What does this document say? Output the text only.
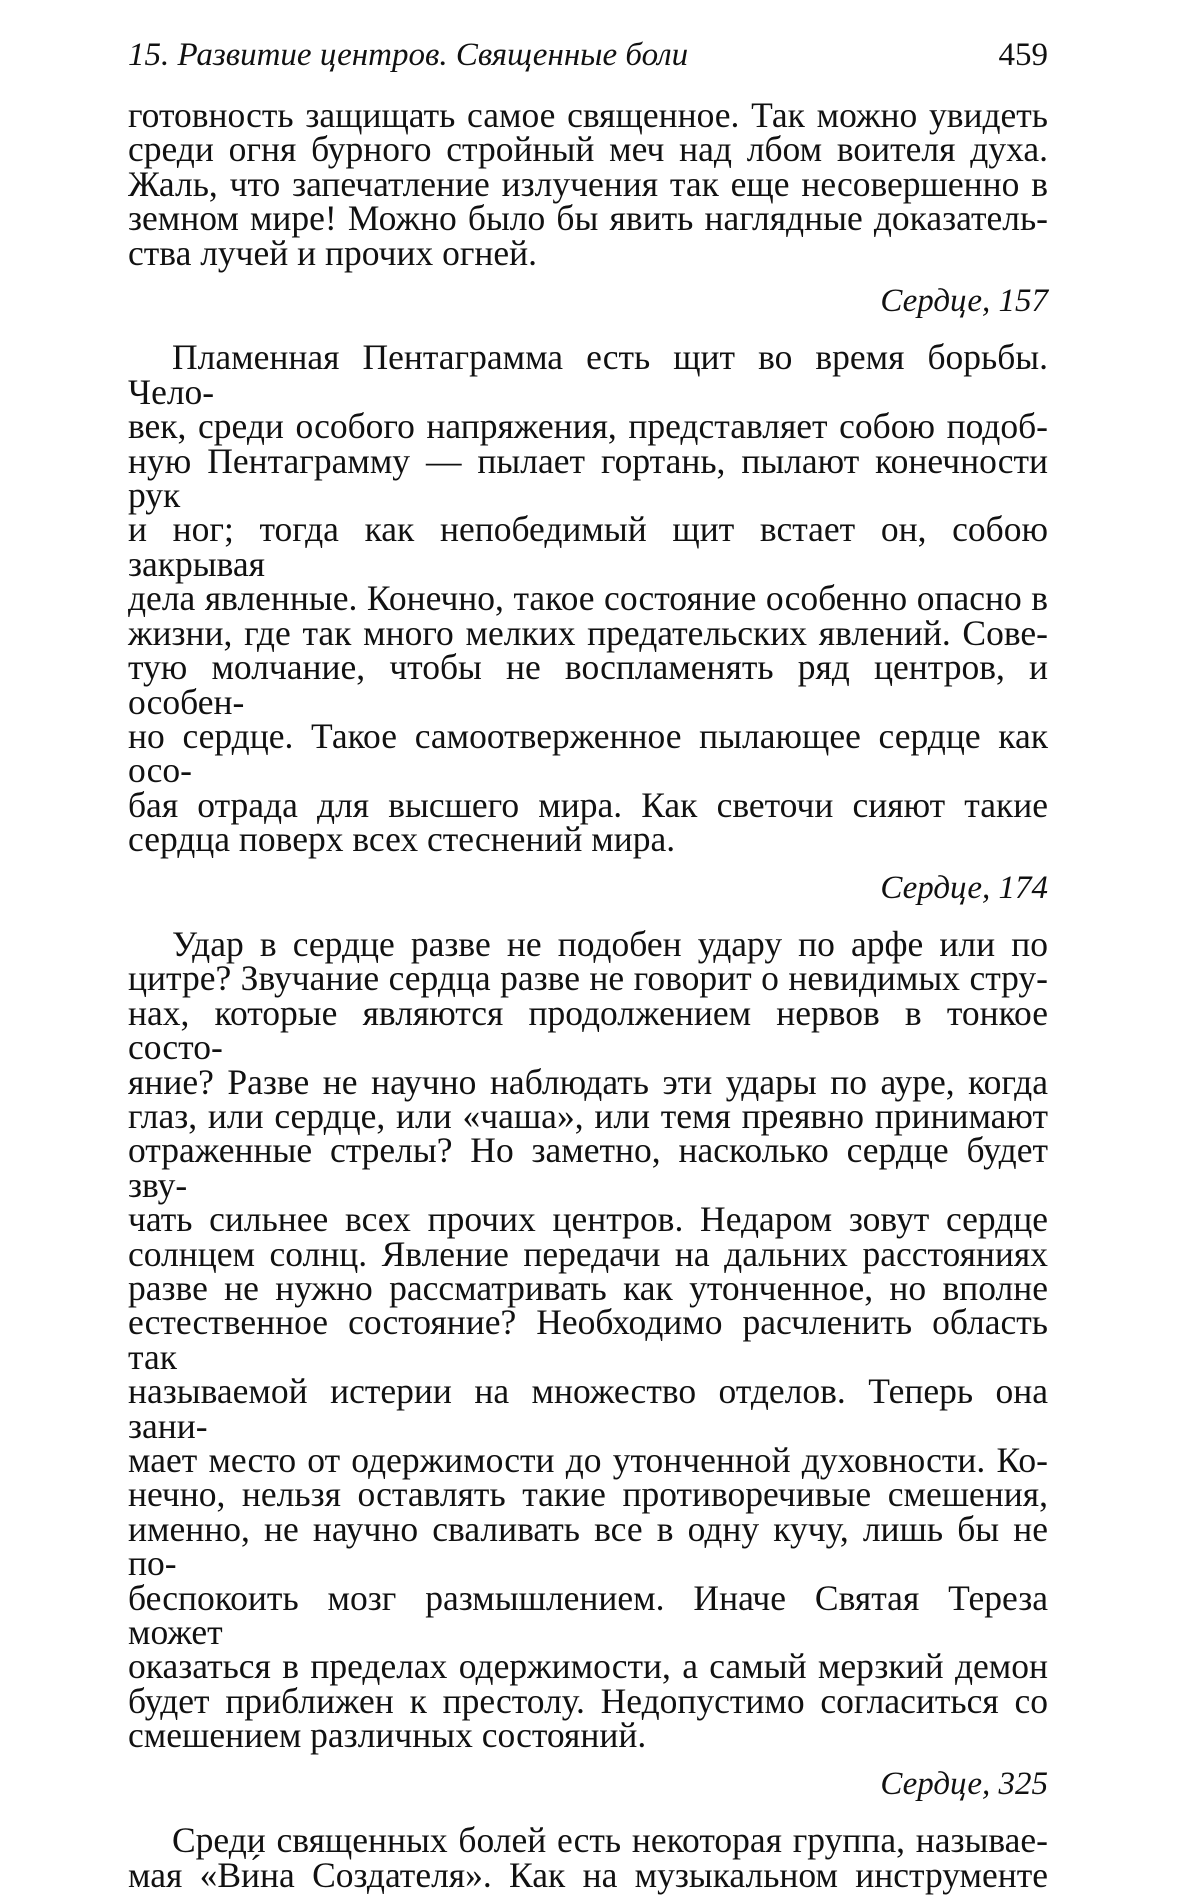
15. Развитие центров. Священные боли	459

готовность защищать самое священное. Так можно увидеть
среди огня бурного стройный меч над лбом воителя духа.
Жаль, что запечатление излучения так еще несовершенно в
земном мире! Можно было бы явить наглядные доказатель-
ства лучей и прочих огней.

Сердце, 157

Пламенная Пентаграмма есть щит во время борьбы. Чело-
век, среди особого напряжения, представляет собою подоб-
ную Пентаграмму — пылает гортань, пылают конечности рук
и ног; тогда как непобедимый щит встает он, собою закрывая
дела явленные. Конечно, такое состояние особенно опасно в
жизни, где так много мелких предательских явлений. Сове-
тую молчание, чтобы не воспламенять ряд центров, и особен-
но сердце. Такое самоотверженное пылающее сердце как осо-
бая отрада для высшего мира. Как светочи сияют такие
сердца поверх всех стеснений мира.

Сердце, 174

Удар в сердце разве не подобен удару по арфе или по
цитре? Звучание сердца разве не говорит о невидимых стру-
нах, которые являются продолжением нервов в тонкое состо-
яние? Разве не научно наблюдать эти удары по ауре, когда
глаз, или сердце, или «чаша», или темя преявно принимают
отраженные стрелы? Но заметно, насколько сердце будет зву-
чать сильнее всех прочих центров. Недаром зовут сердце
солнцем солнц. Явление передачи на дальних расстояниях
разве не нужно рассматривать как утонченное, но вполне
естественное состояние? Необходимо расчленить область так
называемой истерии на множество отделов. Теперь она зани-
мает место от одержимости до утонченной духовности. Ко-
нечно, нельзя оставлять такие противоречивые смешения,
именно, не научно сваливать все в одну кучу, лишь бы не по-
беспокоить мозг размышлением. Иначе Святая Тереза может
оказаться в пределах одержимости, а самый мерзкий демон
будет приближен к престолу. Недопустимо согласиться со
смешением различных состояний.

Сердце, 325

Среди священных болей есть некоторая группа, называе-
мая «Ви́на Создателя». Как на музыкальном инструменте
